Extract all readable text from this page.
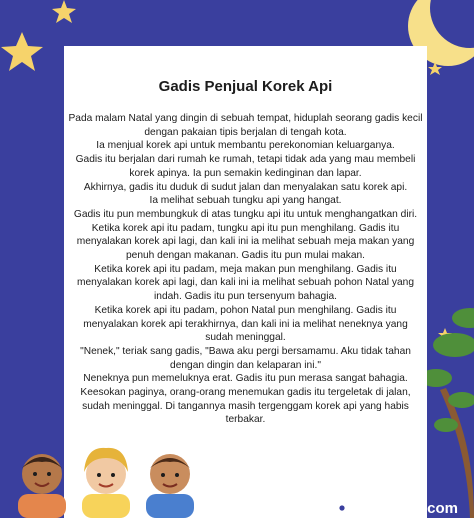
Gadis Penjual Korek Api

Pada malam Natal yang dingin di sebuah tempat, hiduplah seorang gadis kecil dengan pakaian tipis berjalan di tengah kota.

Ia menjual korek api untuk membantu perekonomian keluarganya.

Gadis itu berjalan dari rumah ke rumah, tetapi tidak ada yang mau membeli korek apinya. Ia pun semakin kedinginan dan lapar.

Akhirnya, gadis itu duduk di sudut jalan dan menyalakan satu korek api.

Ia melihat sebuah tungku api yang hangat.

Gadis itu pun membungkuk di atas tungku api itu untuk menghangatkan diri.

Ketika korek api itu padam, tungku api itu pun menghilang. Gadis itu menyalakan korek api lagi, dan kali ini ia melihat sebuah meja makan yang penuh dengan makanan. Gadis itu pun mulai makan.

Ketika korek api itu padam, meja makan pun menghilang. Gadis itu menyalakan korek api lagi, dan kali ini ia melihat sebuah pohon Natal yang indah. Gadis itu pun tersenyum bahagia.

Ketika korek api itu padam, pohon Natal pun menghilang. Gadis itu menyalakan korek api terakhirnya, dan kali ini ia melihat neneknya yang sudah meninggal.

"Nenek," teriak sang gadis, "Bawa aku pergi bersamamu. Aku tidak tahan dengan dingin dan kelaparan ini."

Neneknya pun memeluknya erat. Gadis itu pun merasa sangat bahagia.

Keesokan paginya, orang-orang menemukan gadis itu tergeletak di jalan, sudah meninggal. Di tangannya masih tergenggam korek api yang habis terbakar.

rumah123.com
